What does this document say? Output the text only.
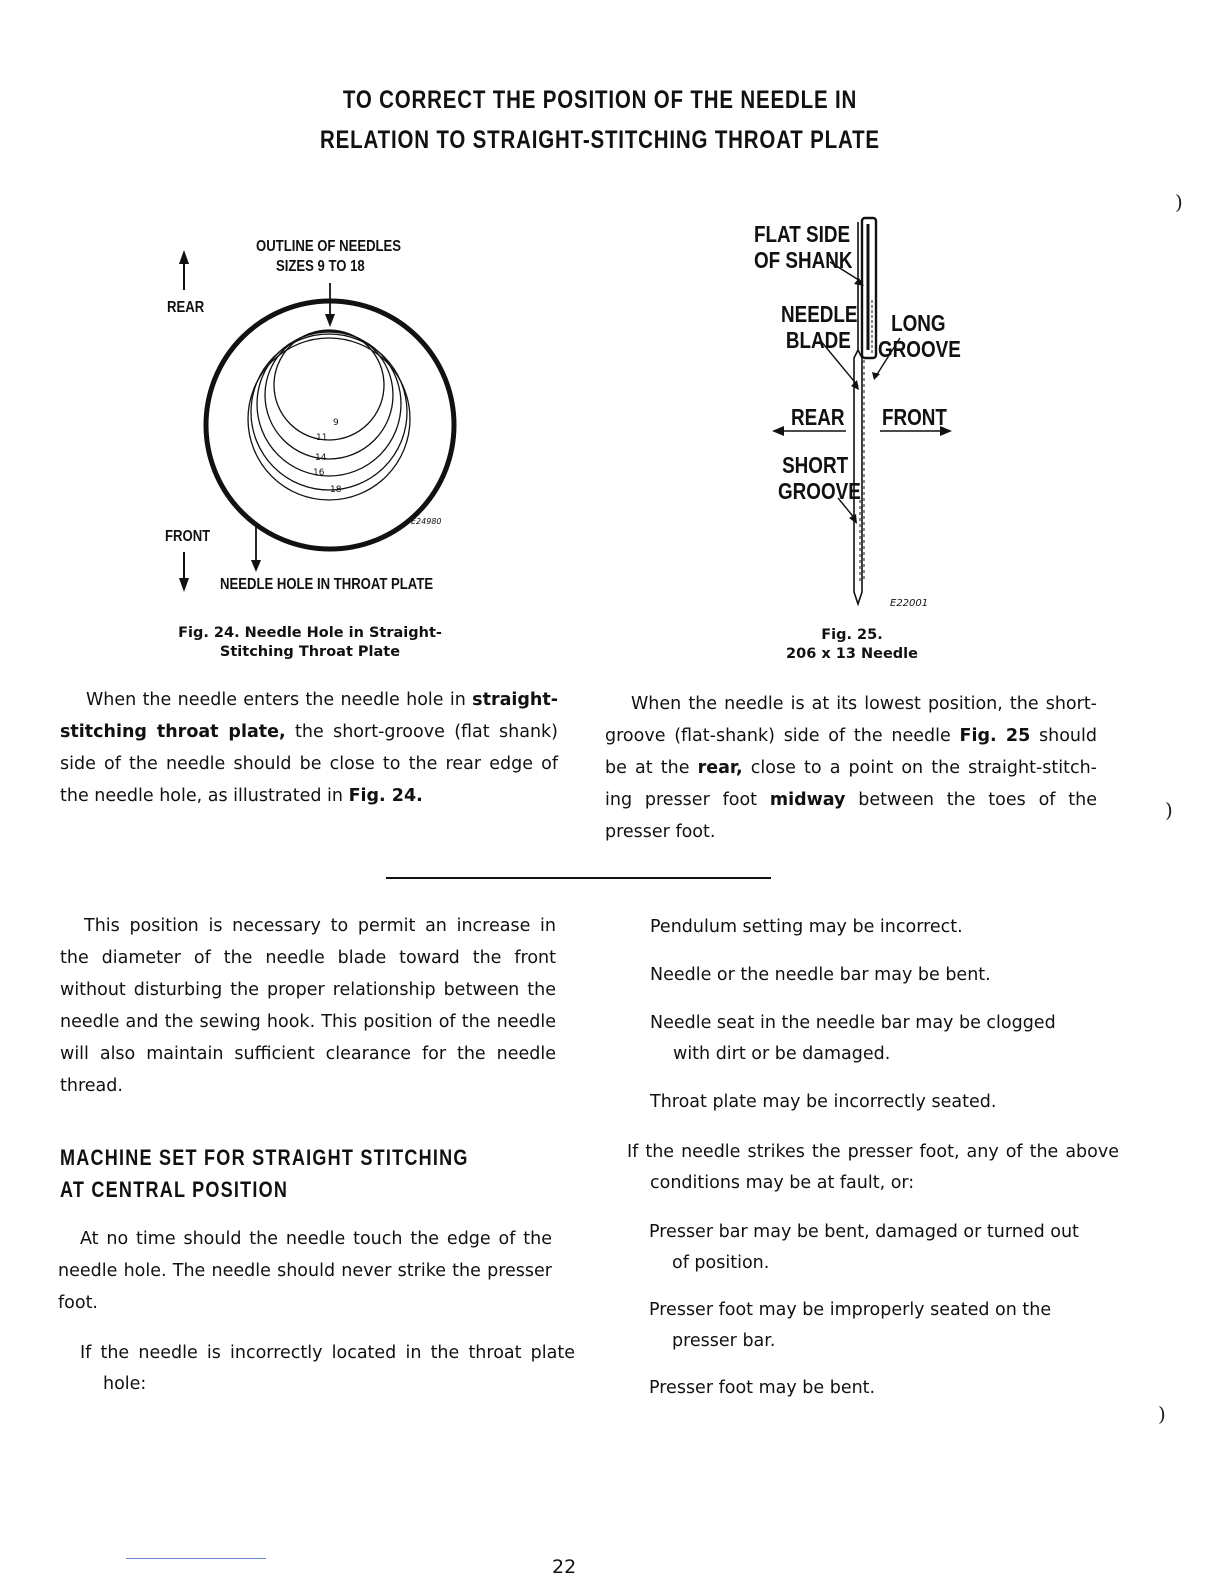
TO CORRECT THE POSITION OF THE NEEDLE IN
RELATION TO STRAIGHT-STITCHING THROAT PLATE
9
11
14
16
18
E24980
OUTLINE OF NEEDLES
SIZES 9 TO 18
REAR
FRONT
NEEDLE HOLE IN THROAT PLATE
Fig. 24. Needle Hole in Straight-
Stitching Throat Plate
E22001
FLAT SIDE
OF SHANK
NEEDLE
BLADE
LONG
GROOVE
REAR FRONT
SHORT
GROOVE
Fig. 25.
206 x 13 Needle
When the needle enters the needle hole in straight-stitching throat plate, the short-groove (flat shank) side of the needle should be close to the rear edge of the needle hole, as illustrated in Fig. 24.
When the needle is at its lowest position, the short-groove (flat-shank) side of the needle Fig. 25 should be at the rear, close to a point on the straight-stitch-ing presser foot midway between the toes of the presser foot.
This position is necessary to permit an increase in the diameter of the needle blade toward the front without disturbing the proper relationship between the needle and the sewing hook. This position of the needle will also maintain sufficient clearance for the needle thread.
MACHINE SET FOR STRAIGHT STITCHING
AT CENTRAL POSITION
At no time should the needle touch the edge of the needle hole. The needle should never strike the presser foot.
If the needle is incorrectly located in the throat plate hole:
Pendulum setting may be incorrect.
Needle or the needle bar may be bent.
Needle seat in the needle bar may be clogged with dirt or be damaged.
Throat plate may be incorrectly seated.
If the needle strikes the presser foot, any of the above conditions may be at fault, or:
Presser bar may be bent, damaged or turned out of position.
Presser foot may be improperly seated on the presser bar.
Presser foot may be bent.
)
)
)
22
